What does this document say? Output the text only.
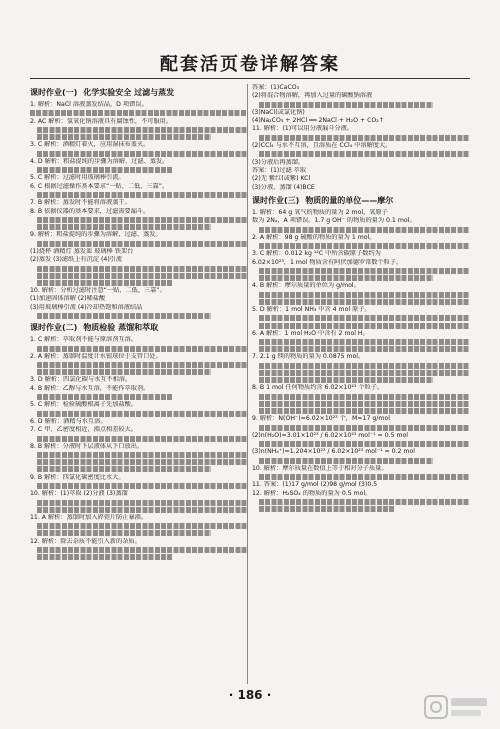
配套活页卷详解答案
课时作业(一) 化学实验安全 过滤与蒸发
1. 解析：NaCl 溶液蒸发结晶，D 项错误。
2. AC 解析：氢氧化钠溶液具有腐蚀性，不可服用。
3. C 解析：酒精灯着火，应用湿抹布盖灭。
4. D 解析：粗盐提纯的步骤为溶解、过滤、蒸发。
5. C 解析：过滤时用玻璃棒引流。
6. C 根据过滤操作基本要求“一贴、二低、三靠”。
7. B 解析：蒸发时不能将溶液蒸干。
8. B 依据仪器的基本要求，过滤需要漏斗。
9. 解析：粗盐提纯的步骤为溶解、过滤、蒸发。
(1)烧杯 酒精灯 蒸发皿 玻璃棒 铁架台
(2)蒸发 (3)滤纸上有沉淀 (4)引流
10. 解析：分析过滤时注意“一贴、二低、三靠”。
(1)加速固体溶解 (2)稀盐酸
(3)用玻璃棒引流 (4)冷却热饱和溶液结晶
课时作业(二) 物质检验 蒸馏和萃取
1. C 解析：萃取剂不能与原溶剂互溶。
2. A 解析：蒸馏时温度计水银球位于支管口处。
3. D 解析：四氯化碳与水互不相溶。
4. B 解析：乙醇与水互溶，不能作萃取剂。
5. C 解析：检验硫酸根离子先加盐酸。
6. D 解析：酒精与水互溶。
7. C 甲、乙密度相近，沸点相差较大。
8. B 解析：分液时下层液体从下口放出。
9. B 解析：四氯化碳密度比水大。
10. 解析：(1)萃取 (2)分液 (3)蒸馏
11. A 解析：蒸馏时加入碎瓷片防止暴沸。
12. 解析：除去杂质不能引入新的杂质。
答案：(1)CaCO₃
(2)将混合物溶解，再加入过量的碳酸钠溶液
(3)NaCl(或氯化钠)
(4)Na₂CO₃ + 2HCl ══ 2NaCl + H₂O + CO₂↑
11. 解析：(1)可以用分液漏斗分液。
(2)CCl₄ 与水不互溶，且溶质在 CCl₄ 中溶解度大。
(3)分液后再蒸馏。
答案：(1)过滤 萃取
(2)无 紫红(或紫) KCl
(3)分液、蒸馏 (4)BCE
课时作业(三) 物质的量的单位——摩尔
1. 解析：64 g 氧气的物质的量为 2 mol，氧原子
数为 2Nₐ，A 项错误。1.7 g OH⁻ 的物质的量为 0.1 mol。
2. A 解析：98 g 硫酸的物质的量为 1 mol。
3. C 解析：0.012 kg ¹²C 中所含碳原子数约为
6.02×10²³，1 mol 物质含有阿伏加德罗常数个粒子。
4. B 解析：摩尔质量的单位为 g/mol。
5. D 解析：1 mol NH₃ 中含 4 mol 原子。
6. A 解析：1 mol H₂O 中含有 2 mol H。
7. 2.1 g 镁的物质的量为 0.0875 mol。
8. B 1 mol 任何物质约含 6.02×10²³ 个粒子。
9. 解析：N(OH⁻)=6.02×10²³ 个，M=17 g/mol
(2)n(H₂O)=3.01×10²³ / 6.02×10²³ mol⁻¹ = 0.5 mol
(3)n(NH₄⁺)=1.204×10²³ / 6.02×10²³ mol⁻¹ = 0.2 mol
10. 解析：摩尔质量在数值上等于相对分子质量。
11. 答案：(1)17 g/mol (2)98 g/mol (3)0.5
12. 解析：H₂SO₄ 的物质的量为 0.5 mol。
· 186 ·
